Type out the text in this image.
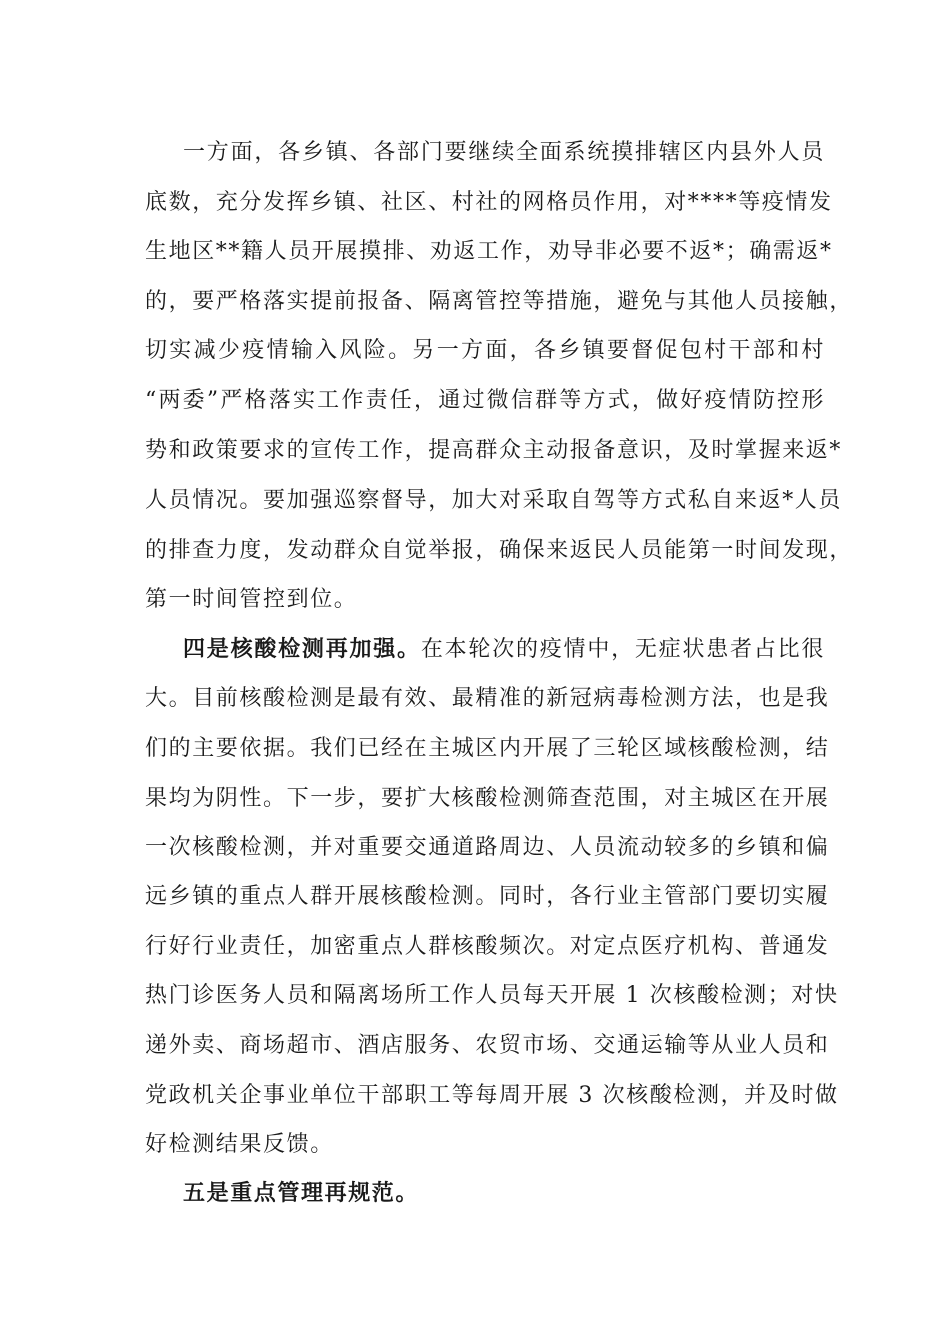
一方面，各乡镇、各部门要继续全面系统摸排辖区内县外人员
底数，充分发挥乡镇、社区、村社的网格员作用，对****等疫情发
生地区**籍人员开展摸排、劝返工作，劝导非必要不返*；确需返*
的，要严格落实提前报备、隔离管控等措施，避免与其他人员接触，
切实减少疫情输入风险。另一方面，各乡镇要督促包村干部和村
“两委”严格落实工作责任，通过微信群等方式，做好疫情防控形
势和政策要求的宣传工作，提高群众主动报备意识，及时掌握来返*
人员情况。要加强巡察督导，加大对采取自驾等方式私自来返*人员
的排查力度，发动群众自觉举报，确保来返民人员能第一时间发现，
第一时间管控到位。
四是核酸检测再加强。在本轮次的疫情中，无症状患者占比很
大。目前核酸检测是最有效、最精准的新冠病毒检测方法，也是我
们的主要依据。我们已经在主城区内开展了三轮区域核酸检测，结
果均为阴性。下一步，要扩大核酸检测筛查范围，对主城区在开展
一次核酸检测，并对重要交通道路周边、人员流动较多的乡镇和偏
远乡镇的重点人群开展核酸检测。同时，各行业主管部门要切实履
行好行业责任，加密重点人群核酸频次。对定点医疗机构、普通发
热门诊医务人员和隔离场所工作人员每天开展 1 次核酸检测；对快
递外卖、商场超市、酒店服务、农贸市场、交通运输等从业人员和
党政机关企事业单位干部职工等每周开展 3 次核酸检测，并及时做
好检测结果反馈。
五是重点管理再规范。
